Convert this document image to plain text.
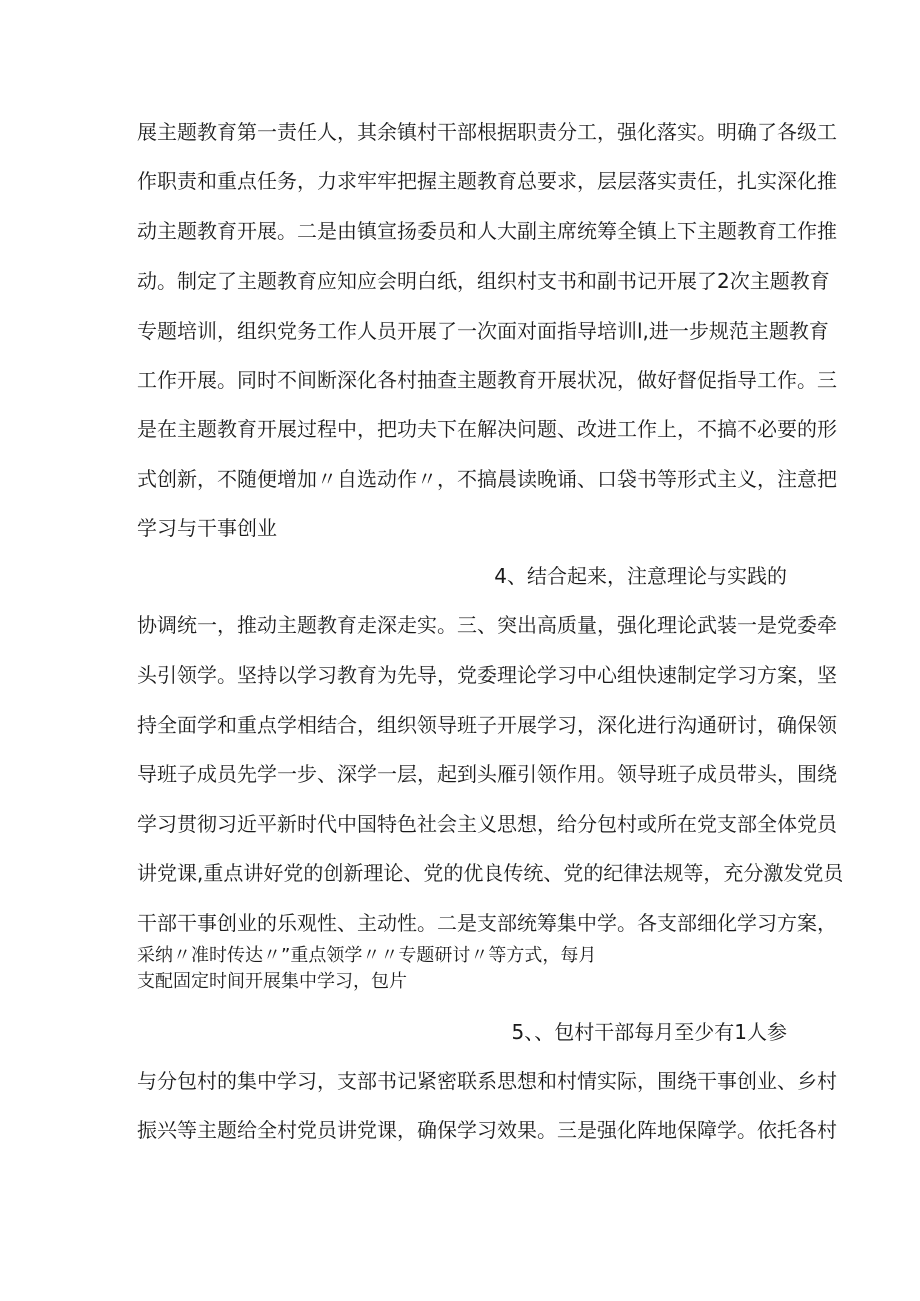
展主题教育第一责任人，其余镇村干部根据职责分工，强化落实。明确了各级工
作职责和重点任务，力求牢牢把握主题教育总要求，层层落实责任，扎实深化推
动主题教育开展。二是由镇宣扬委员和人大副主席统筹全镇上下主题教育工作推
动。制定了主题教育应知应会明白纸，组织村支书和副书记开展了2次主题教育
专题培训，组织党务工作人员开展了一次面对面指导培训l,进一步规范主题教育
工作开展。同时不间断深化各村抽查主题教育开展状况，做好督促指导工作。三
是在主题教育开展过程中，把功夫下在解决问题、改进工作上，不搞不必要的形
式创新，不随便增加〃自选动作〃，不搞晨读晚诵、口袋书等形式主义，注意把
学习与干事创业
4、结合起来，注意理论与实践的
协调统一，推动主题教育走深走实。三、突出高质量，强化理论武装一是党委牵
头引领学。坚持以学习教育为先导，党委理论学习中心组快速制定学习方案，坚
持全面学和重点学相结合，组织领导班子开展学习，深化进行沟通研讨，确保领
导班子成员先学一步、深学一层，起到头雁引领作用。领导班子成员带头，围绕
学习贯彻习近平新时代中国特色社会主义思想，给分包村或所在党支部全体党员
讲党课,重点讲好党的创新理论、党的优良传统、党的纪律法规等，充分激发党员
干部干事创业的乐观性、主动性。二是支部统筹集中学。各支部细化学习方案，
采纳〃准时传达〃”重点领学〃〃专题研讨〃等方式，每月
支配固定时间开展集中学习，包片
5、、包村干部每月至少有1人参
与分包村的集中学习，支部书记紧密联系思想和村情实际，围绕干事创业、乡村
振兴等主题给全村党员讲党课，确保学习效果。三是强化阵地保障学。依托各村
